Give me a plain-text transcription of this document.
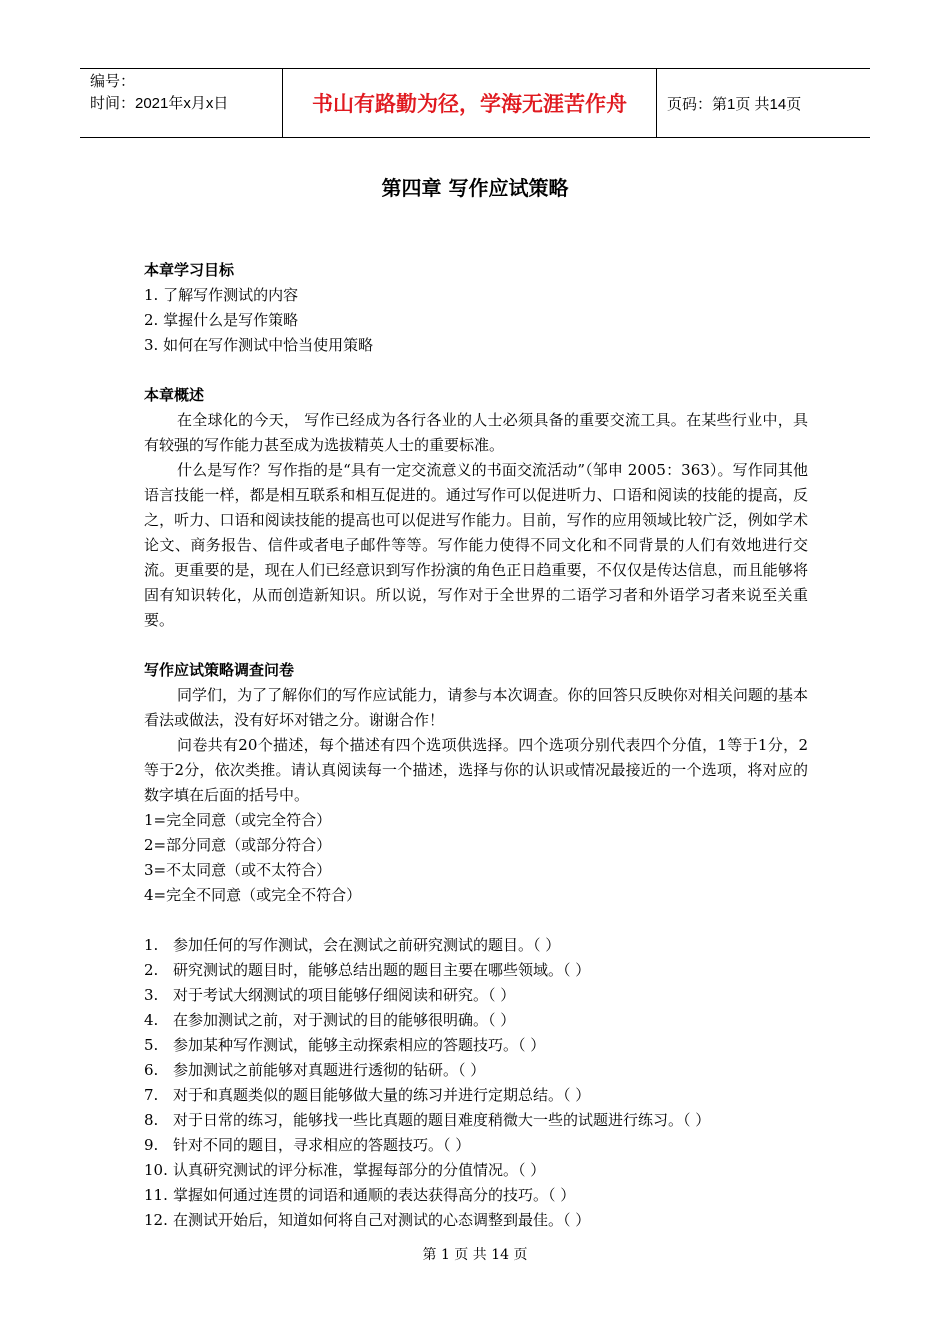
编号：
时间：2021年x月x日	书山有路勤为径，学海无涯苦作舟	页码：第1页 共14页
第四章 写作应试策略

本章学习目标

1. 了解写作测试的内容

2. 掌握什么是写作策略

3. 如何在写作测试中恰当使用策略

本章概述

在全球化的今天， 写作已经成为各行各业的人士必须具备的重要交流工具。在某些行业中，具有较强的写作能力甚至成为选拔精英人士的重要标准。

什么是写作？写作指的是“具有一定交流意义的书面交流活动”（邹申 2005：363）。写作同其他语言技能一样，都是相互联系和相互促进的。通过写作可以促进听力、口语和阅读的技能的提高，反之，听力、口语和阅读技能的提高也可以促进写作能力。目前，写作的应用领域比较广泛，例如学术论文、商务报告、信件或者电子邮件等等。写作能力使得不同文化和不同背景的人们有效地进行交流。更重要的是，现在人们已经意识到写作扮演的角色正日趋重要，不仅仅是传达信息，而且能够将固有知识转化，从而创造新知识。所以说，写作对于全世界的二语学习者和外语学习者来说至关重要。

写作应试策略调查问卷

同学们，为了了解你们的写作应试能力，请参与本次调查。你的回答只反映你对相关问题的基本看法或做法，没有好坏对错之分。谢谢合作！

问卷共有20个描述，每个描述有四个选项供选择。四个选项分别代表四个分值，1等于1分，2等于2分，依次类推。请认真阅读每一个描述，选择与你的认识或情况最接近的一个选项，将对应的数字填在后面的括号中。

1=完全同意（或完全符合）

2=部分同意（或部分符合）

3=不太同意（或不太符合）

4=完全不同意（或完全不符合）

1. 参加任何的写作测试，会在测试之前研究测试的题目。（ ）
2. 研究测试的题目时，能够总结出题的题目主要在哪些领域。（ ）
3. 对于考试大纲测试的项目能够仔细阅读和研究。（ ）
4. 在参加测试之前，对于测试的目的能够很明确。（ ）
5. 参加某种写作测试，能够主动探索相应的答题技巧。（ ）
6. 参加测试之前能够对真题进行透彻的钻研。（ ）
7. 对于和真题类似的题目能够做大量的练习并进行定期总结。（ ）
8. 对于日常的练习，能够找一些比真题的题目难度稍微大一些的试题进行练习。（ ）
9. 针对不同的题目，寻求相应的答题技巧。（ ）
10. 认真研究测试的评分标准，掌握每部分的分值情况。（ ）
11. 掌握如何通过连贯的词语和通顺的表达获得高分的技巧。（ ）
12. 在测试开始后，知道如何将自己对测试的心态调整到最佳。（ ）
第 1 页 共 14 页
